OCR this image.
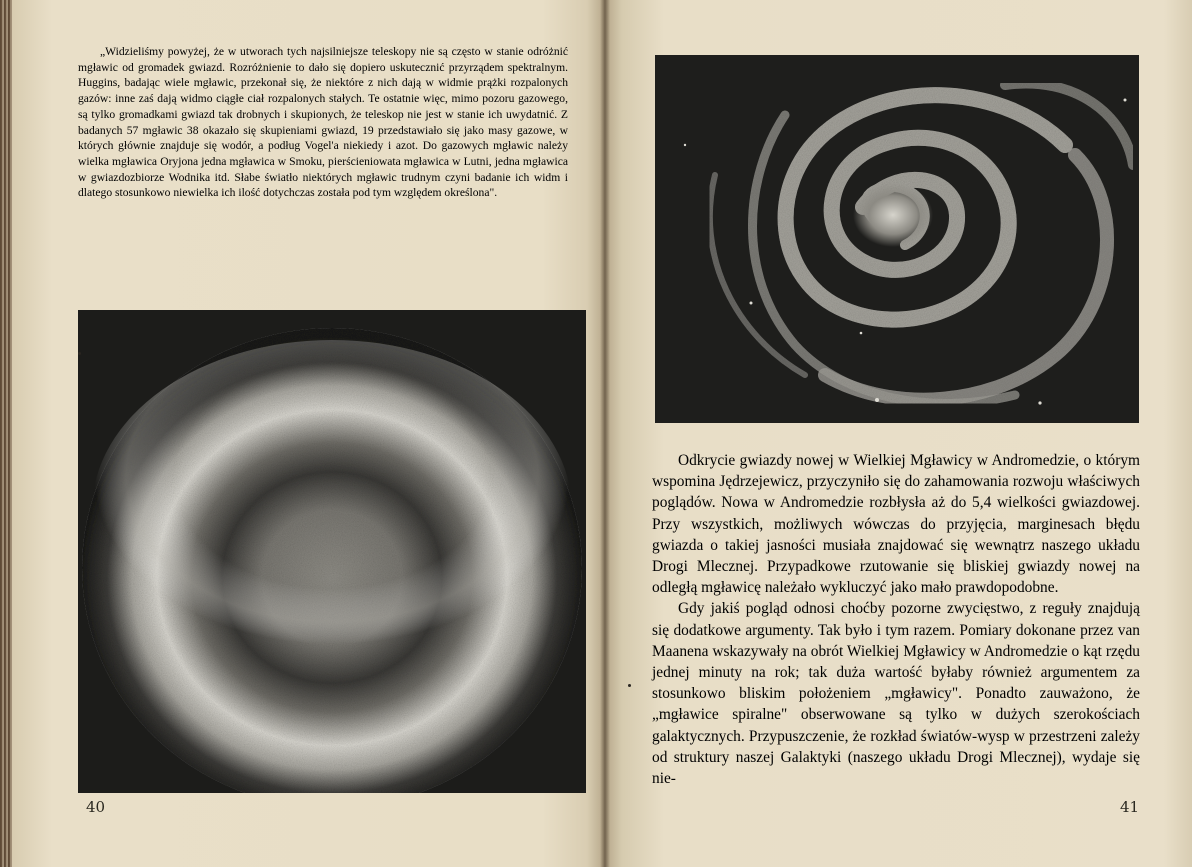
„Widzieliśmy powyżej, że w utworach tych najsilniejsze teleskopy nie są często w stanie odróżnić mgławic od gromadek gwiazd. Rozróżnienie to dało się dopiero uskutecznić przyrządem spektralnym. Huggins, badając wiele mgławic, przekonał się, że niektóre z nich dają w widmie prążki rozpalonych gazów: inne zaś dają widmo ciągłe ciał rozpalonych stałych. Te ostatnie więc, mimo pozoru gazowego, są tylko gromadkami gwiazd tak drobnych i skupionych, że teleskop nie jest w stanie ich uwydatnić. Z badanych 57 mgławic 38 okazało się skupieniami gwiazd, 19 przedstawiało się jako masy gazowe, w których głównie znajduje się wodór, a podług Vogel'a niekiedy i azot. Do gazowych mgławic należy wielka mgławica Oryjona jedna mgławica w Smoku, pierścieniowata mgławica w Lutni, jedna mgławica w gwiazdozbiorze Wodnika itd. Słabe światło niektórych mgławic trudnym czyni badanie ich widm i dlatego stosunkowo niewielka ich ilość dotychczas została pod tym względem określona".

40

Odkrycie gwiazdy nowej w Wielkiej Mgławicy w Andromedzie, o którym wspomina Jędrzejewicz, przyczyniło się do zahamowania rozwoju właściwych poglądów. Nowa w Andromedzie rozbłysła aż do 5,4 wielkości gwiazdowej. Przy wszystkich, możliwych wówczas do przyjęcia, marginesach błędu gwiazda o takiej jasności musiała znajdować się wewnątrz naszego układu Drogi Mlecznej. Przypadkowe rzutowanie się bliskiej gwiazdy nowej na odległą mgławicę należało wykluczyć jako mało prawdopodobne.

Gdy jakiś pogląd odnosi choćby pozorne zwycięstwo, z reguły znajdują się dodatkowe argumenty. Tak było i tym razem. Pomiary dokonane przez van Maanena wskazywały na obrót Wielkiej Mgławicy w Andromedzie o kąt rzędu jednej minuty na rok; tak duża wartość byłaby również argumentem za stosunkowo bliskim położeniem „mgławicy". Ponadto zauważono, że „mgławice spiralne" obserwowane są tylko w dużych szerokościach galaktycznych. Przypuszczenie, że rozkład światów-wysp w przestrzeni zależy od struktury naszej Galaktyki (naszego układu Drogi Mlecznej), wydaje się nie-

41
